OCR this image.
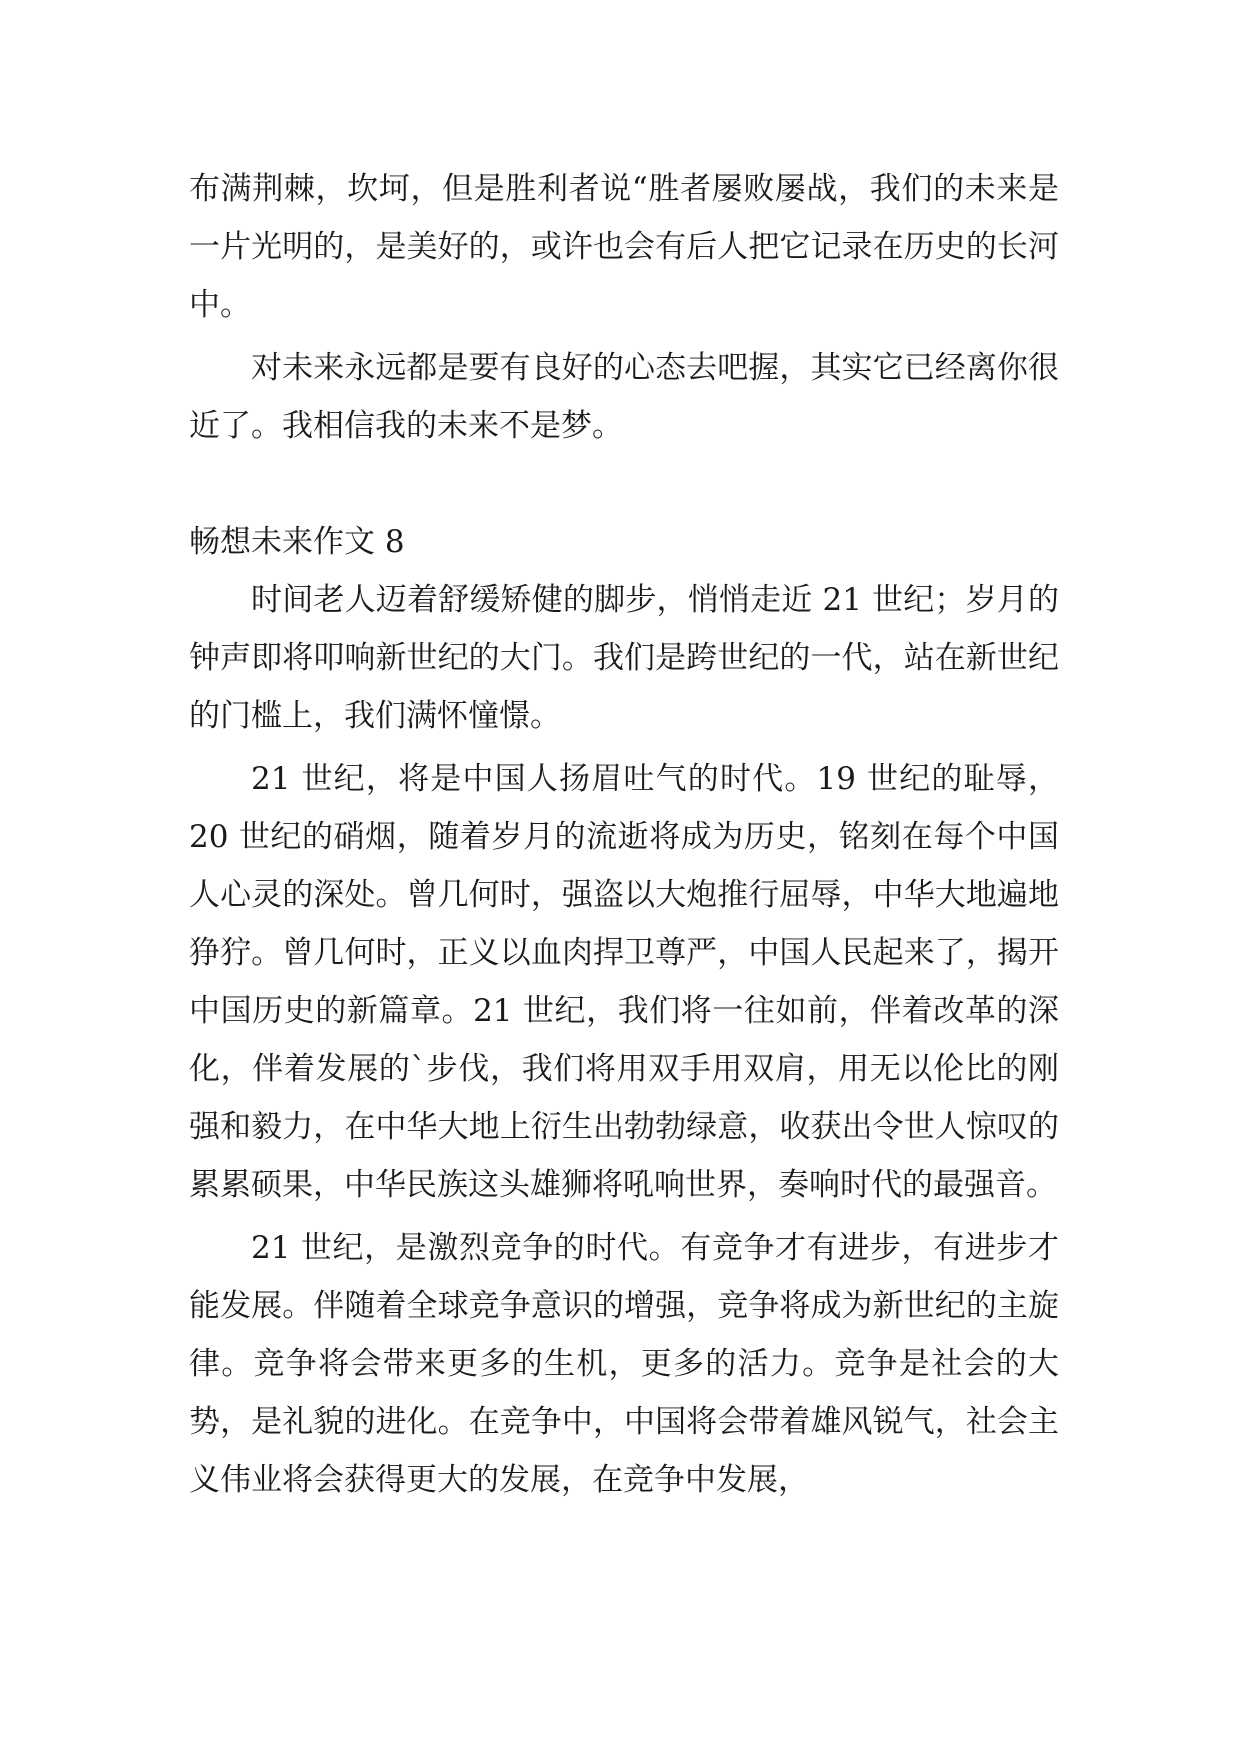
布满荆棘，坎坷，但是胜利者说“胜者屡败屡战，我们的未来是一片光明的，是美好的，或许也会有后人把它记录在历史的长河中。

对未来永远都是要有良好的心态去吧握，其实它已经离你很近了。我相信我的未来不是梦。

畅想未来作文 8

时间老人迈着舒缓矫健的脚步，悄悄走近 21 世纪；岁月的钟声即将叩响新世纪的大门。我们是跨世纪的一代，站在新世纪的门槛上，我们满怀憧憬。

21 世纪，将是中国人扬眉吐气的时代。19 世纪的耻辱，20 世纪的硝烟，随着岁月的流逝将成为历史，铭刻在每个中国人心灵的深处。曾几何时，强盗以大炮推行屈辱，中华大地遍地狰狞。曾几何时，正义以血肉捍卫尊严，中国人民起来了，揭开中国历史的新篇章。21 世纪，我们将一往如前，伴着改革的深化，伴着发展的`步伐，我们将用双手用双肩，用无以伦比的刚强和毅力，在中华大地上衍生出勃勃绿意，收获出令世人惊叹的累累硕果，中华民族这头雄狮将吼响世界，奏响时代的最强音。

21 世纪，是激烈竞争的时代。有竞争才有进步，有进步才能发展。伴随着全球竞争意识的增强，竞争将成为新世纪的主旋律。竞争将会带来更多的生机，更多的活力。竞争是社会的大势，是礼貌的进化。在竞争中，中国将会带着雄风锐气，社会主义伟业将会获得更大的发展，在竞争中发展，
